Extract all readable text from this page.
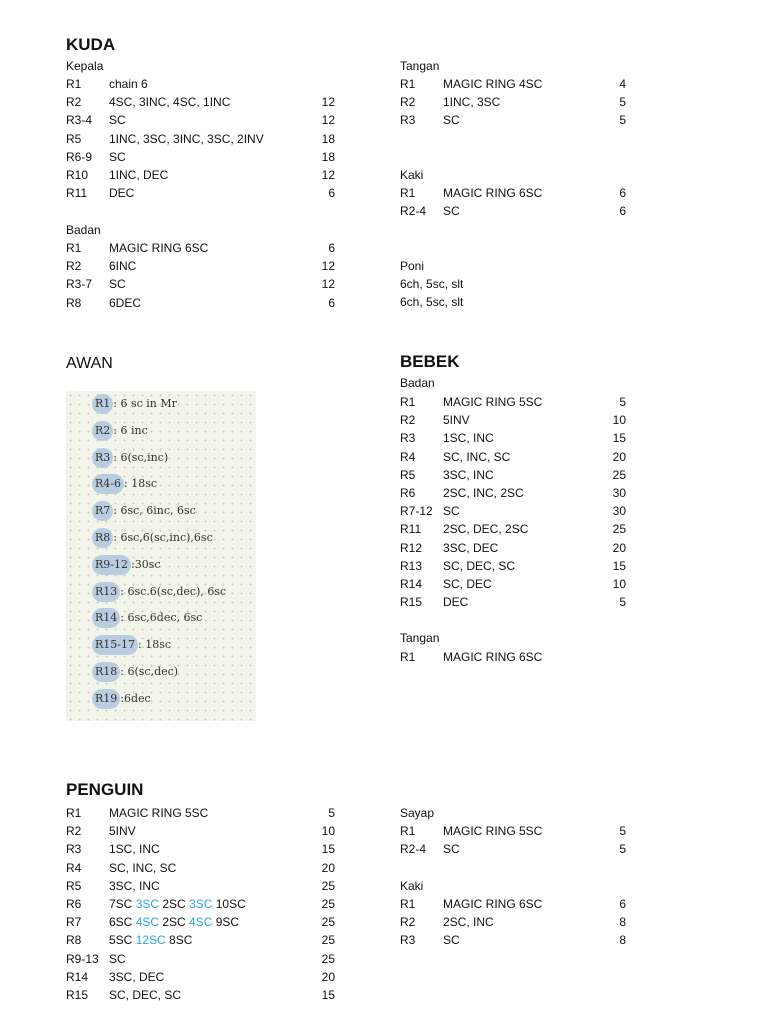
KUDA
Kepala
R1	chain 6
R2	4SC, 3INC, 4SC, 1INC	12
R3-4	SC	12
R5	1INC, 3SC, 3INC, 3SC, 2INV	18
R6-9	SC	18
R10	1INC, DEC	12
R11	DEC	6
Badan
R1	MAGIC RING 6SC	6
R2	6INC	12
R3-7	SC	12
R8	6DEC	6
Tangan
R1	MAGIC RING 4SC	4
R2	1INC, 3SC	5
R3	SC	5
Kaki
R1	MAGIC RING 6SC	6
R2-4	SC	6
Poni
6ch, 5sc, slt
6ch, 5sc, slt
AWAN
R1 : 6 sc in Mr
R2 : 6 inc
R3 : 6(sc,inc)
R4-6 : 18sc
R7 : 6sc, 6inc, 6sc
R8 : 6sc,6(sc,inc),6sc
R9-12 :30sc
R13 : 6sc.6(sc,dec), 6sc
R14 : 6sc,6dec, 6sc
R15-17 : 18sc
R18 : 6(sc,dec)
R19 :6dec
BEBEK
Badan
R1	MAGIC RING 5SC	5
R2	5INV	10
R3	1SC, INC	15
R4	SC, INC, SC	20
R5	3SC, INC	25
R6	2SC, INC, 2SC	30
R7-12 SC	30
R11	2SC, DEC, 2SC	25
R12	3SC, DEC	20
R13	SC, DEC, SC	15
R14	SC, DEC	10
R15	DEC	5
Tangan
R1	MAGIC RING 6SC
PENGUIN
R1	MAGIC RING 5SC	5
R2	5INV	10
R3	1SC, INC	15
R4	SC, INC, SC	20
R5	3SC, INC	25
R6	7SC 3SC 2SC 3SC 10SC	25
R7	6SC 4SC 2SC 4SC 9SC	25
R8	5SC 12SC 8SC	25
R9-13 SC	25
R14	3SC, DEC	20
R15	SC, DEC, SC	15
Sayap
R1	MAGIC RING 5SC	5
R2-4	SC	5
Kaki
R1	MAGIC RING 6SC	6
R2	2SC, INC	8
R3	SC	8
